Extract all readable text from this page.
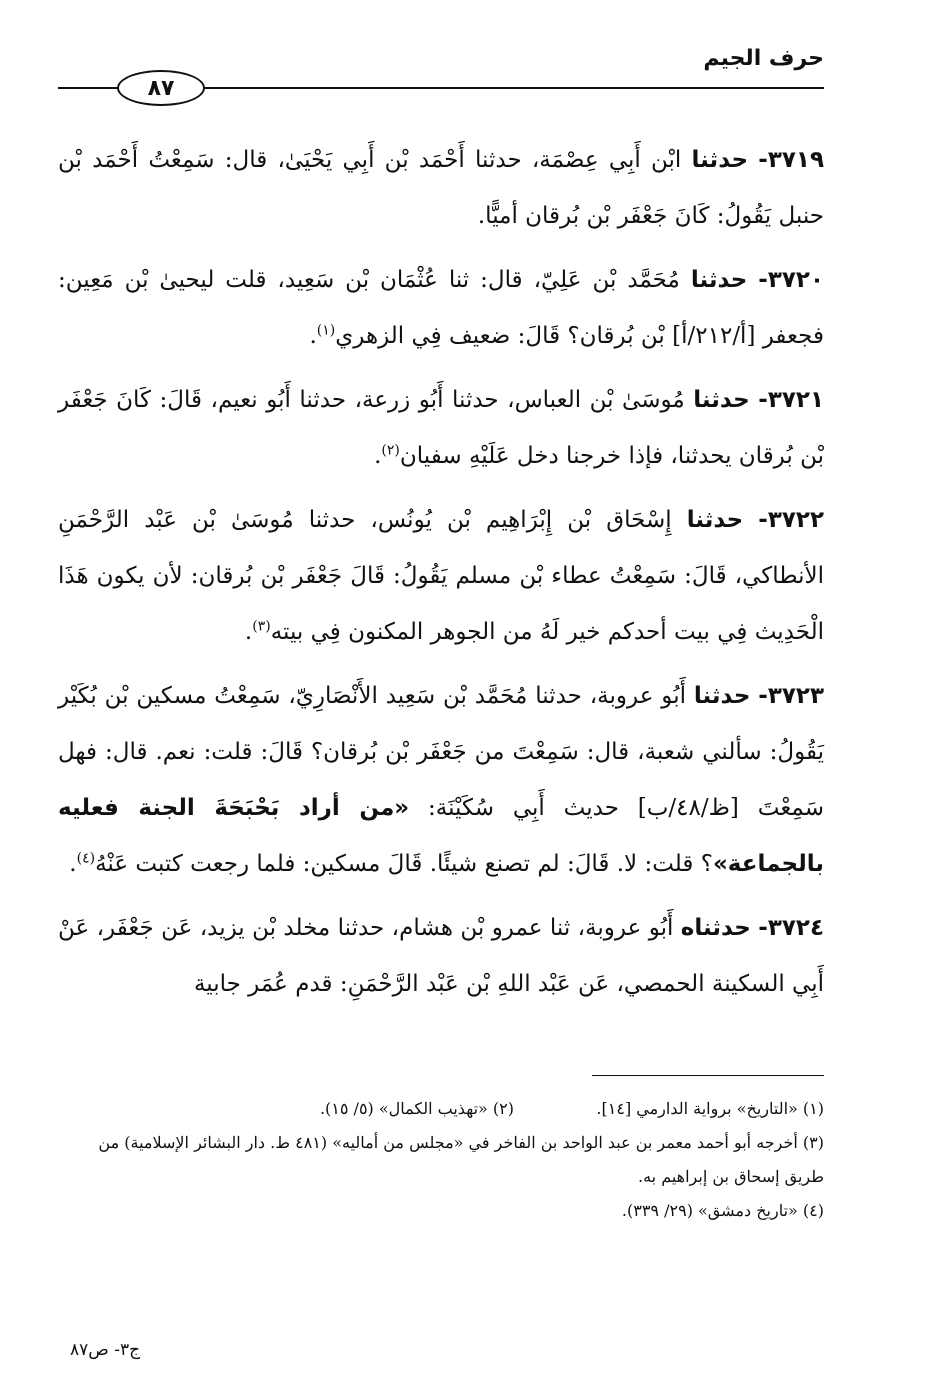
حرف الجيم
٨٧

٣٧١٩- حدثنا ابْن أَبِي عِصْمَة، حدثنا أَحْمَد بْن أَبِي يَحْيَىٰ، قال: سَمِعْتُ أَحْمَد بْن حنبل يَقُولُ: كَانَ جَعْفَر بْن بُرقان أميًّا.

٣٧٢٠- حدثنا مُحَمَّد بْن عَلِيّ، قال: ثنا عُثْمَان بْن سَعِيد، قلت ليحيىٰ بْن مَعِين: فجعفر [أ/٢١٢/أ] بْن بُرقان؟ قَالَ: ضعيف فِي الزهري$^{(١)}$.

٣٧٢١- حدثنا مُوسَىٰ بْن العباس، حدثنا أَبُو زرعة، حدثنا أَبُو نعيم، قَالَ: كَانَ جَعْفَر بْن بُرقان يحدثنا، فإذا خرجنا دخل عَلَيْهِ سفيان$^{(٢)}$.

٣٧٢٢- حدثنا إِسْحَاق بْن إِبْرَاهِيم بْن يُونُس، حدثنا مُوسَىٰ بْن عَبْد الرَّحْمَنِ الأنطاكي، قَالَ: سَمِعْتُ عطاء بْن مسلم يَقُولُ: قَالَ جَعْفَر بْن بُرقان: لأن يكون هَذَا الْحَدِيث فِي بيت أحدكم خير لَهُ من الجوهر المكنون فِي بيته$^{(٣)}$.

٣٧٢٣- حدثنا أَبُو عروبة، حدثنا مُحَمَّد بْن سَعِيد الأَنْصَارِيّ، سَمِعْتُ مسكين بْن بُكَيْر يَقُولُ: سألني شعبة، قال: سَمِعْتَ من جَعْفَر بْن بُرقان؟ قَالَ: قلت: نعم. قال: فهل سَمِعْتَ [ظ/٤٨/ب] حديث أَبِي سُكَيْنَة: «من أراد بَحْبَحَةَ الجنة فعليه بالجماعة»؟ قلت: لا. قَالَ: لم تصنع شيئًا. قَالَ مسكين: فلما رجعت كتبت عَنْهُ$^{(٤)}$.

٣٧٢٤- حدثناه أَبُو عروبة، ثنا عمرو بْن هشام، حدثنا مخلد بْن يزيد، عَن جَعْفَر، عَنْ أَبِي السكينة الحمصي، عَن عَبْد اللهِ بْن عَبْد الرَّحْمَنِ: قدم عُمَر جابية

(١) «التاريخ» برواية الدارمي [١٤].
(٢) «تهذيب الكمال» (٥/ ١٥).

(٣) أخرجه أبو أحمد معمر بن عبد الواحد بن الفاخر في «مجلس من أماليه» (٤٨١ ط. دار البشائر الإسلامية) من طريق إسحاق بن إبراهيم به.

(٤) «تاريخ دمشق» (٢٩/ ٣٣٩).

ج٣- ص٨٧
